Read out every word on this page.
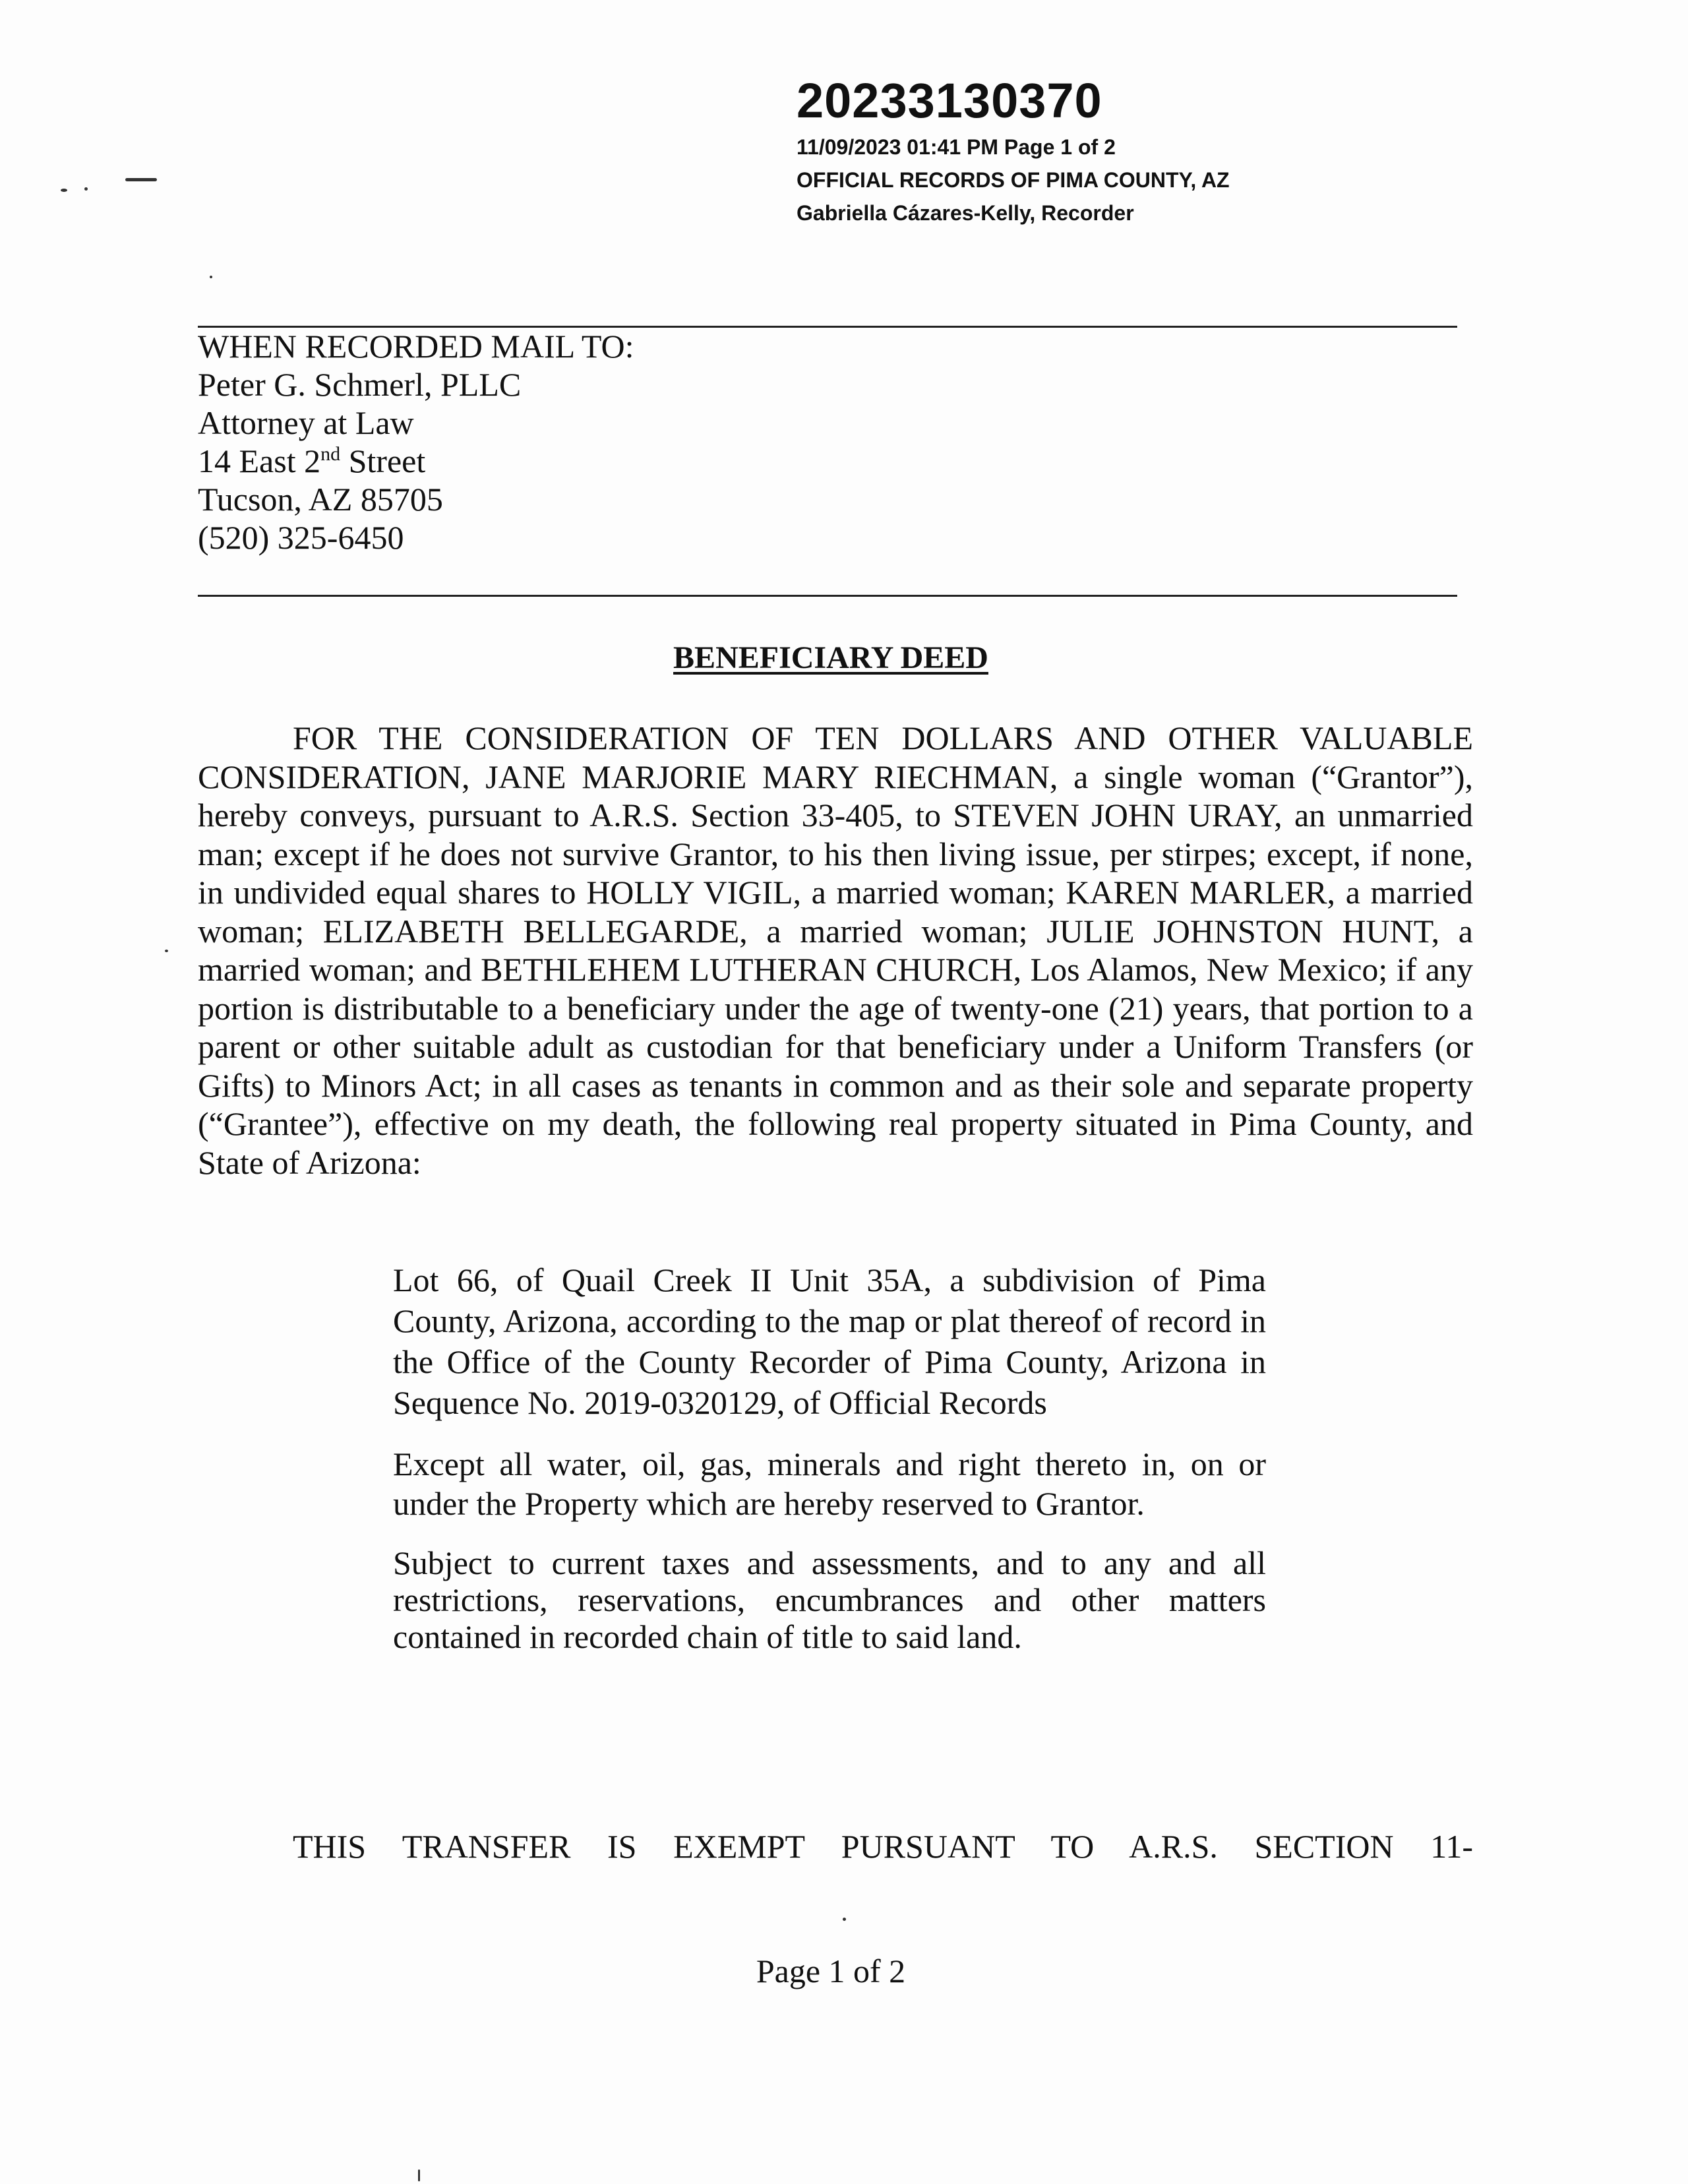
20233130370
11/09/2023 01:41 PM Page 1 of 2
OFFICIAL RECORDS OF PIMA COUNTY, AZ
Gabriella Cázares-Kelly, Recorder
WHEN RECORDED MAIL TO:
Peter G. Schmerl, PLLC
Attorney at Law
14 East 2nd Street
Tucson, AZ 85705
(520) 325-6450
BENEFICIARY DEED

FOR THE CONSIDERATION OF TEN DOLLARS AND OTHER VALUABLE CONSIDERATION, JANE MARJORIE MARY RIECHMAN, a single woman (“Grantor”), hereby conveys, pursuant to A.R.S. Section 33-405, to STEVEN JOHN URAY, an unmarried man; except if he does not survive Grantor, to his then living issue, per stirpes; except, if none, in undivided equal shares to HOLLY VIGIL, a married woman; KAREN MARLER, a married woman; ELIZABETH BELLEGARDE, a married woman; JULIE JOHNSTON HUNT, a married woman; and BETHLEHEM LUTHERAN CHURCH, Los Alamos, New Mexico; if any portion is distributable to a beneficiary under the age of twenty-one (21) years, that portion to a parent or other suitable adult as custodian for that beneficiary under a Uniform Transfers (or Gifts) to Minors Act; in all cases as tenants in common and as their sole and separate property (“Grantee”), effective on my death, the following real property situated in Pima County, and State of Arizona:

Lot 66, of Quail Creek II Unit 35A, a subdivision of Pima County, Arizona, according to the map or plat thereof of record in the Office of the County Recorder of Pima County, Arizona in Sequence No. 2019-0320129, of Official Records

Except all water, oil, gas, minerals and right thereto in, on or under the Property which are hereby reserved to Grantor.

Subject to current taxes and assessments, and to any and all restrictions, reservations, encumbrances and other matters contained in recorded chain of title to said land.

THIS TRANSFER IS EXEMPT PURSUANT TO A.R.S. SECTION 11-
Page 1 of 2
